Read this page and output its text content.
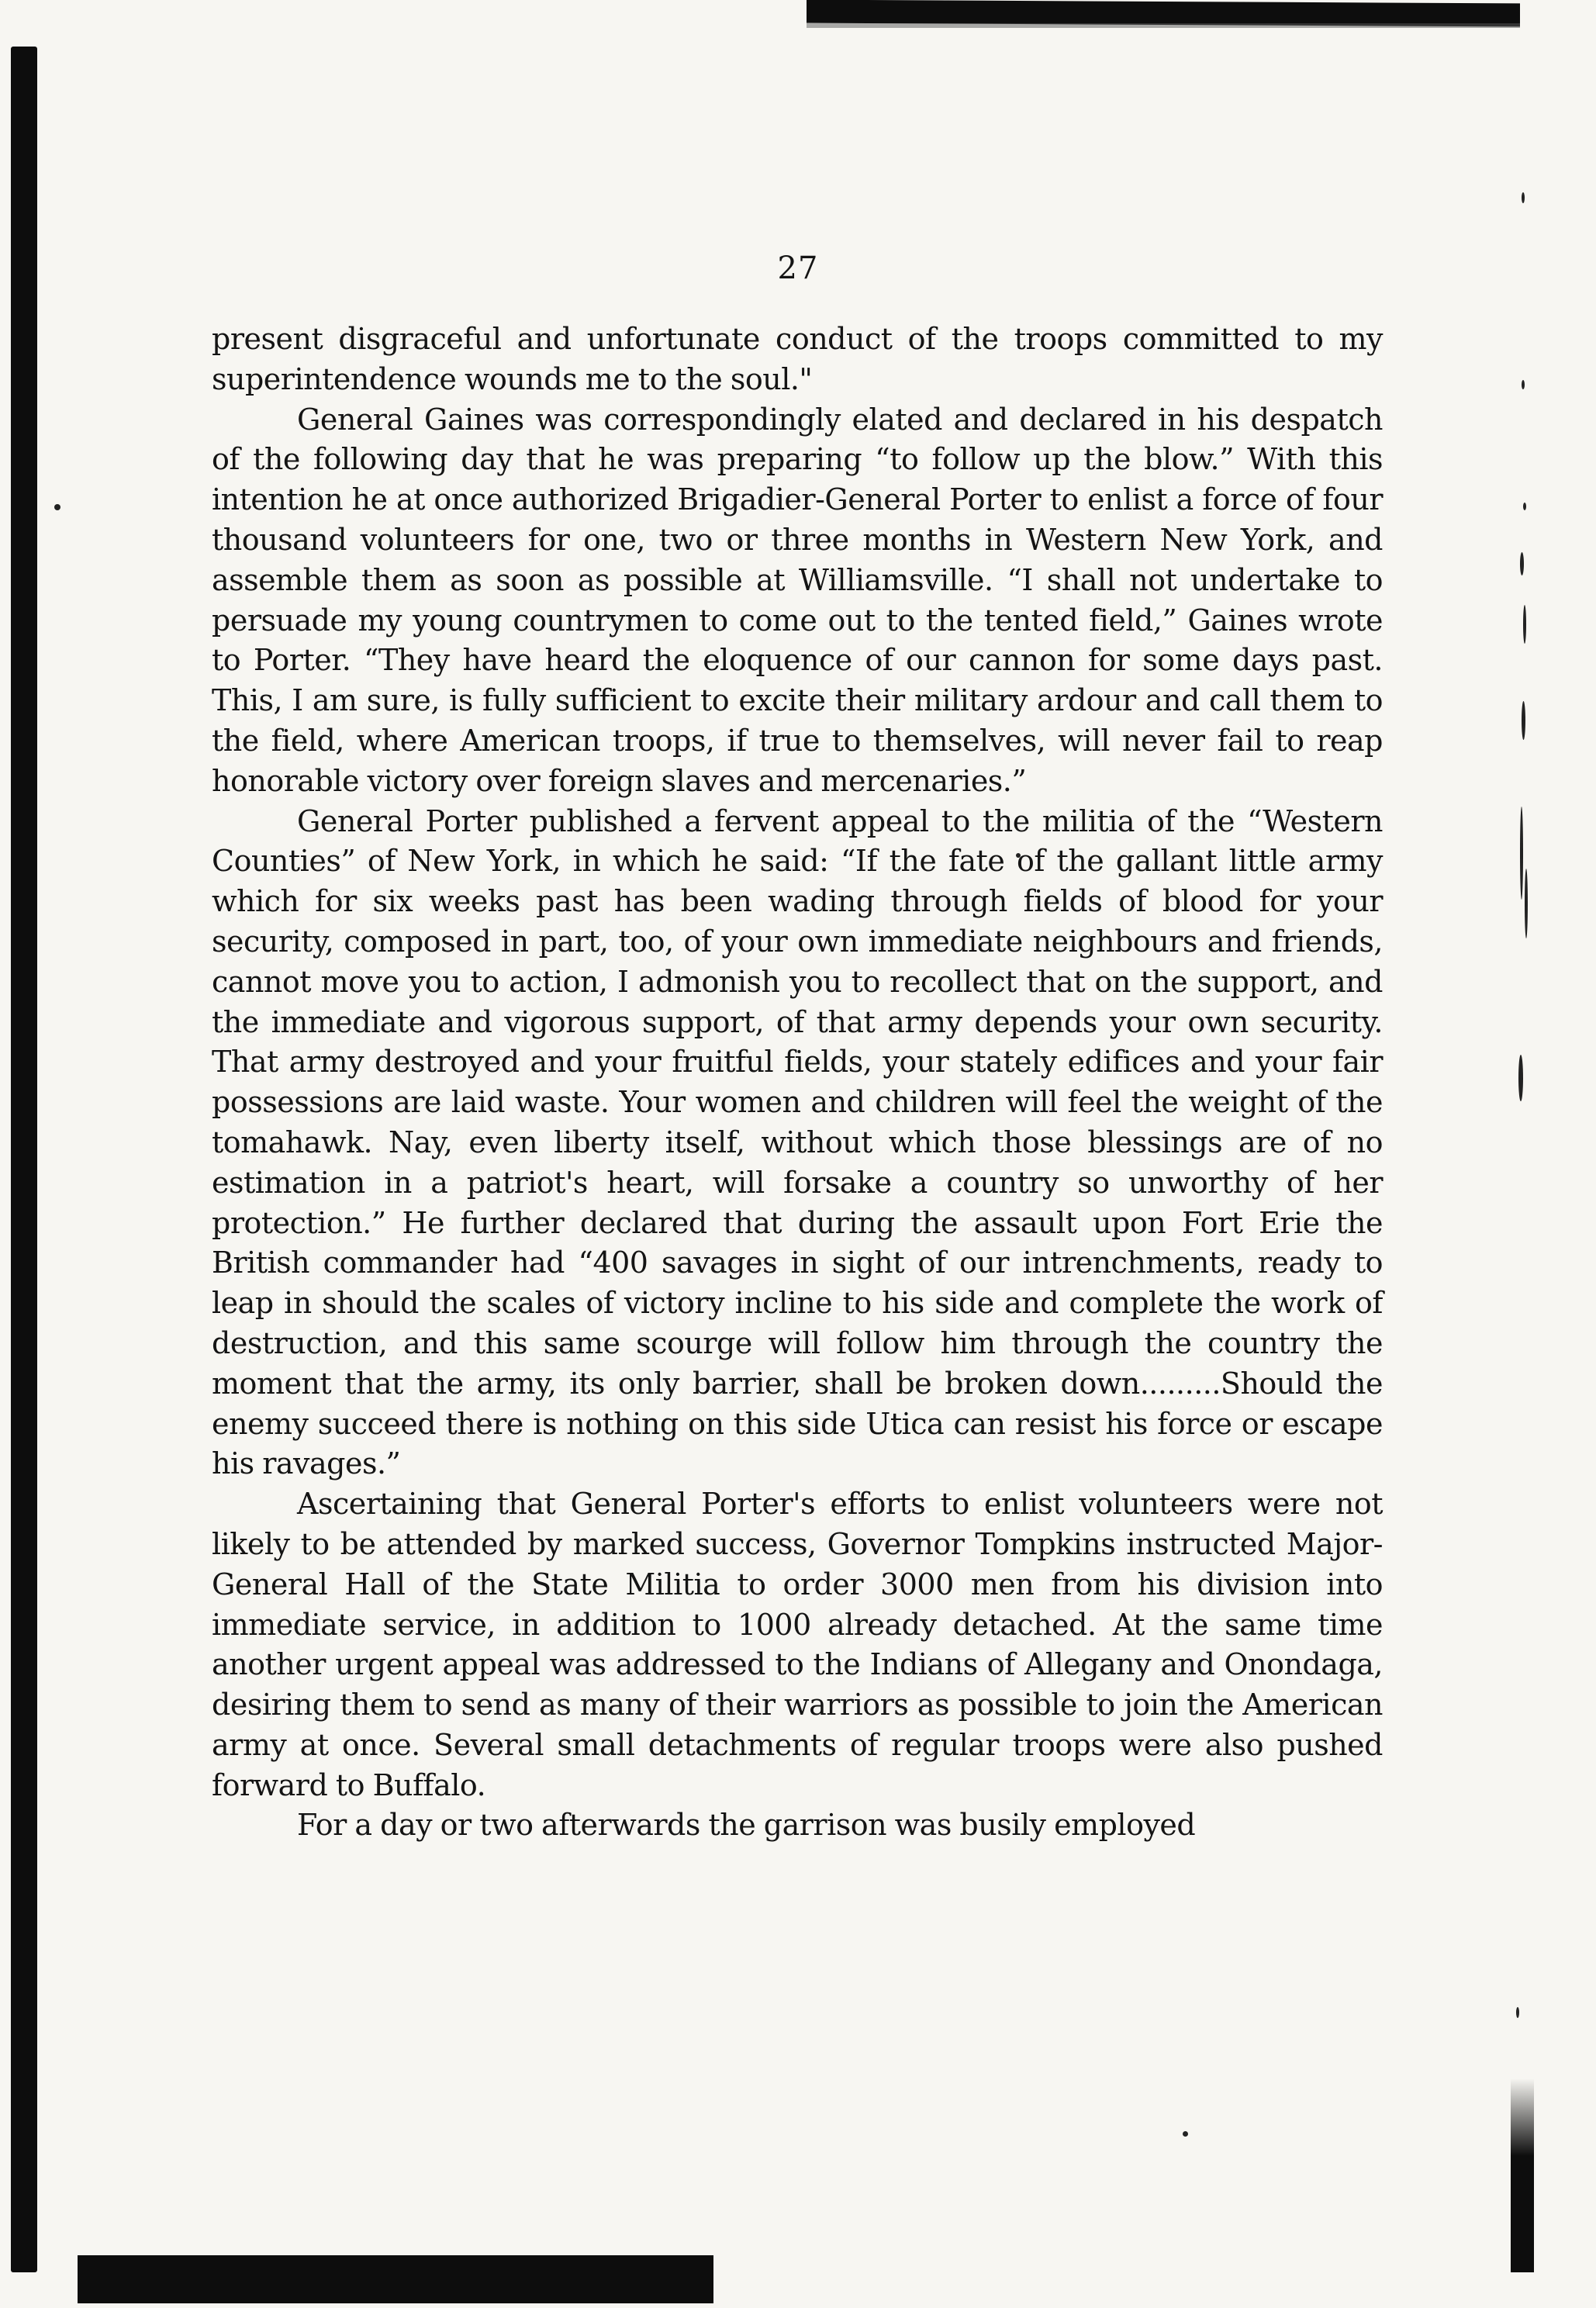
27

present disgraceful and unfortunate conduct of the troops committed to my superintendence wounds me to the soul."

General Gaines was correspondingly elated and declared in his despatch of the following day that he was preparing “to follow up the blow.” With this intention he at once authorized Brigadier-General Porter to enlist a force of four thousand volunteers for one, two or three months in Western New York, and assemble them as soon as possible at Williamsville. “I shall not undertake to persuade my young countrymen to come out to the tented field,” Gaines wrote to Porter. “They have heard the eloquence of our cannon for some days past. This, I am sure, is fully sufficient to excite their military ardour and call them to the field, where American troops, if true to themselves, will never fail to reap honorable victory over foreign slaves and mercenaries.”

General Porter published a fervent appeal to the militia of the “Western Counties” of New York, in which he said: “If the fate of the gallant little army which for six weeks past has been wading through fields of blood for your security, composed in part, too, of your own immediate neighbours and friends, cannot move you to action, I admonish you to recollect that on the support, and the immediate and vigorous support, of that army depends your own security. That army destroyed and your fruitful fields, your stately edifices and your fair possessions are laid waste. Your women and children will feel the weight of the tomahawk. Nay, even liberty itself, without which those blessings are of no estimation in a patriot's heart, will forsake a country so unworthy of her protection.” He further declared that during the assault upon Fort Erie the British commander had “400 savages in sight of our intrenchments, ready to leap in should the scales of victory incline to his side and complete the work of destruction, and this same scourge will follow him through the country the moment that the army, its only barrier, shall be broken down.........Should the enemy succeed there is nothing on this side Utica can resist his force or escape his ravages.”

Ascertaining that General Porter's efforts to enlist volunteers were not likely to be attended by marked success, Governor Tompkins instructed Major-General Hall of the State Militia to order 3000 men from his division into immediate service, in addition to 1000 already detached. At the same time another urgent appeal was addressed to the Indians of Allegany and Onondaga, desiring them to send as many of their warriors as possible to join the American army at once. Several small detachments of regular troops were also pushed forward to Buffalo.

For a day or two afterwards the garrison was busily employed
